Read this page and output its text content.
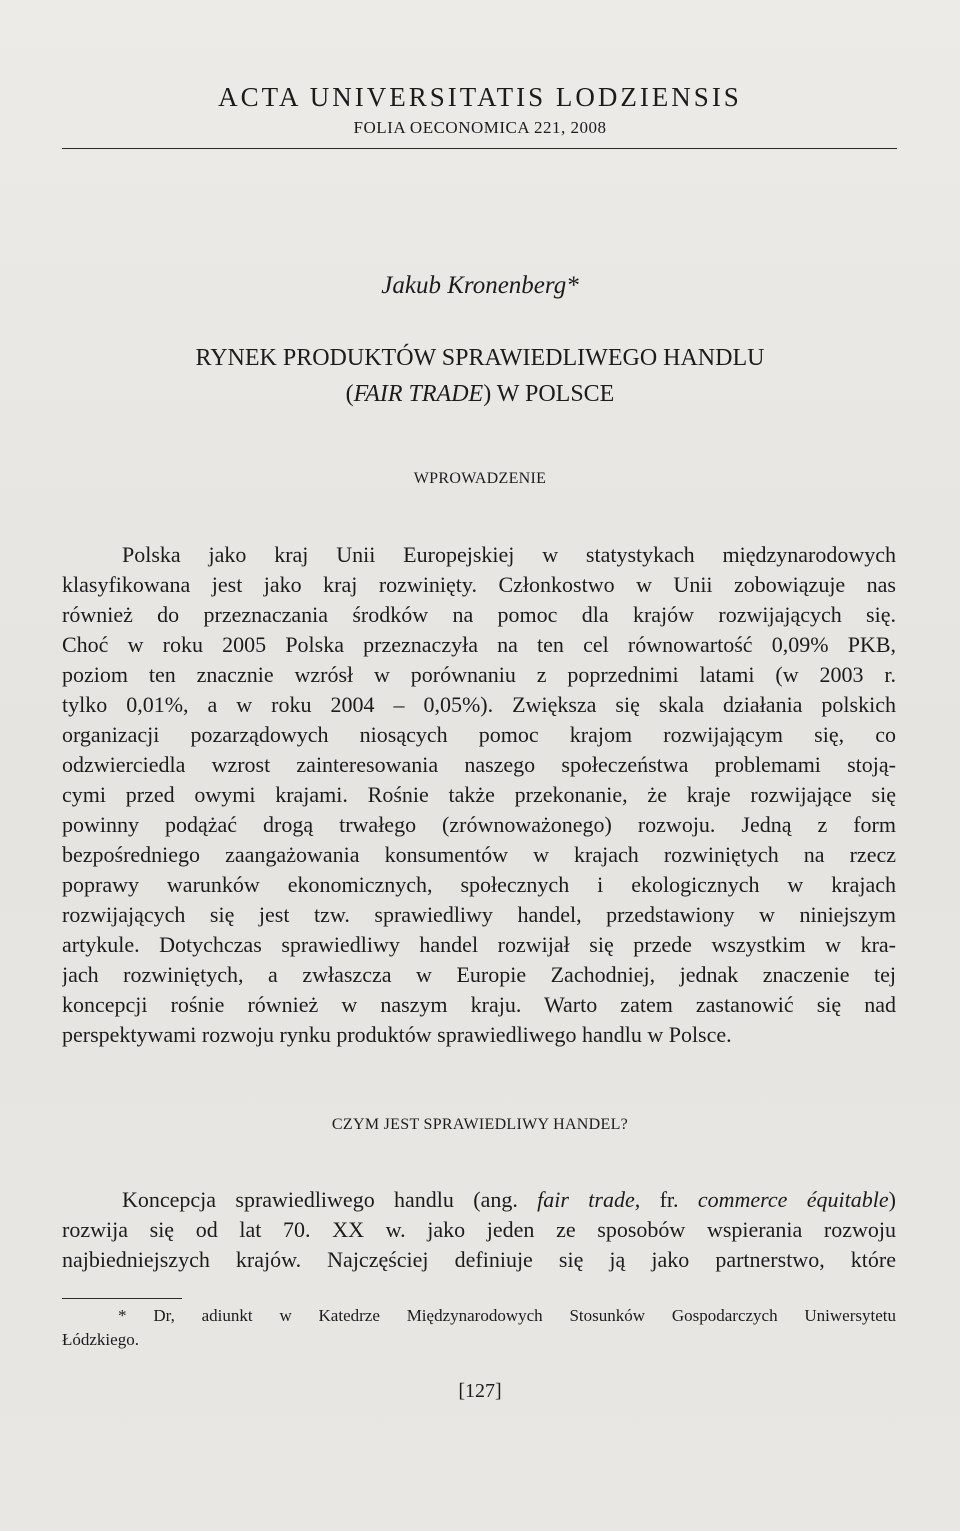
ACTA UNIVERSITATIS LODZIENSIS
FOLIA OECONOMICA 221, 2008
Jakub Kronenberg*
RYNEK PRODUKTÓW SPRAWIEDLIWEGO HANDLU
(FAIR TRADE) W POLSCE
WPROWADZENIE
Polska jako kraj Unii Europejskiej w statystykach międzynarodowych
klasyfikowana jest jako kraj rozwinięty. Członkostwo w Unii zobowiązuje nas
również do przeznaczania środków na pomoc dla krajów rozwijających się.
Choć w roku 2005 Polska przeznaczyła na ten cel równowartość 0,09% PKB,
poziom ten znacznie wzrósł w porównaniu z poprzednimi latami (w 2003 r.
tylko 0,01%, a w roku 2004 – 0,05%). Zwiększa się skala działania polskich
organizacji pozarządowych niosących pomoc krajom rozwijającym się, co
odzwierciedla wzrost zainteresowania naszego społeczeństwa problemami stoją-
cymi przed owymi krajami. Rośnie także przekonanie, że kraje rozwijające się
powinny podążać drogą trwałego (zrównoważonego) rozwoju. Jedną z form
bezpośredniego zaangażowania konsumentów w krajach rozwiniętych na rzecz
poprawy warunków ekonomicznych, społecznych i ekologicznych w krajach
rozwijających się jest tzw. sprawiedliwy handel, przedstawiony w niniejszym
artykule. Dotychczas sprawiedliwy handel rozwijał się przede wszystkim w kra-
jach rozwiniętych, a zwłaszcza w Europie Zachodniej, jednak znaczenie tej
koncepcji rośnie również w naszym kraju. Warto zatem zastanowić się nad
perspektywami rozwoju rynku produktów sprawiedliwego handlu w Polsce.
CZYM JEST SPRAWIEDLIWY HANDEL?
Koncepcja sprawiedliwego handlu (ang. fair trade, fr. commerce équitable)
rozwija się od lat 70. XX w. jako jeden ze sposobów wspierania rozwoju
najbiedniejszych krajów. Najczęściej definiuje się ją jako partnerstwo, które
* Dr, adiunkt w Katedrze Międzynarodowych Stosunków Gospodarczych Uniwersytetu
Łódzkiego.
[127]
